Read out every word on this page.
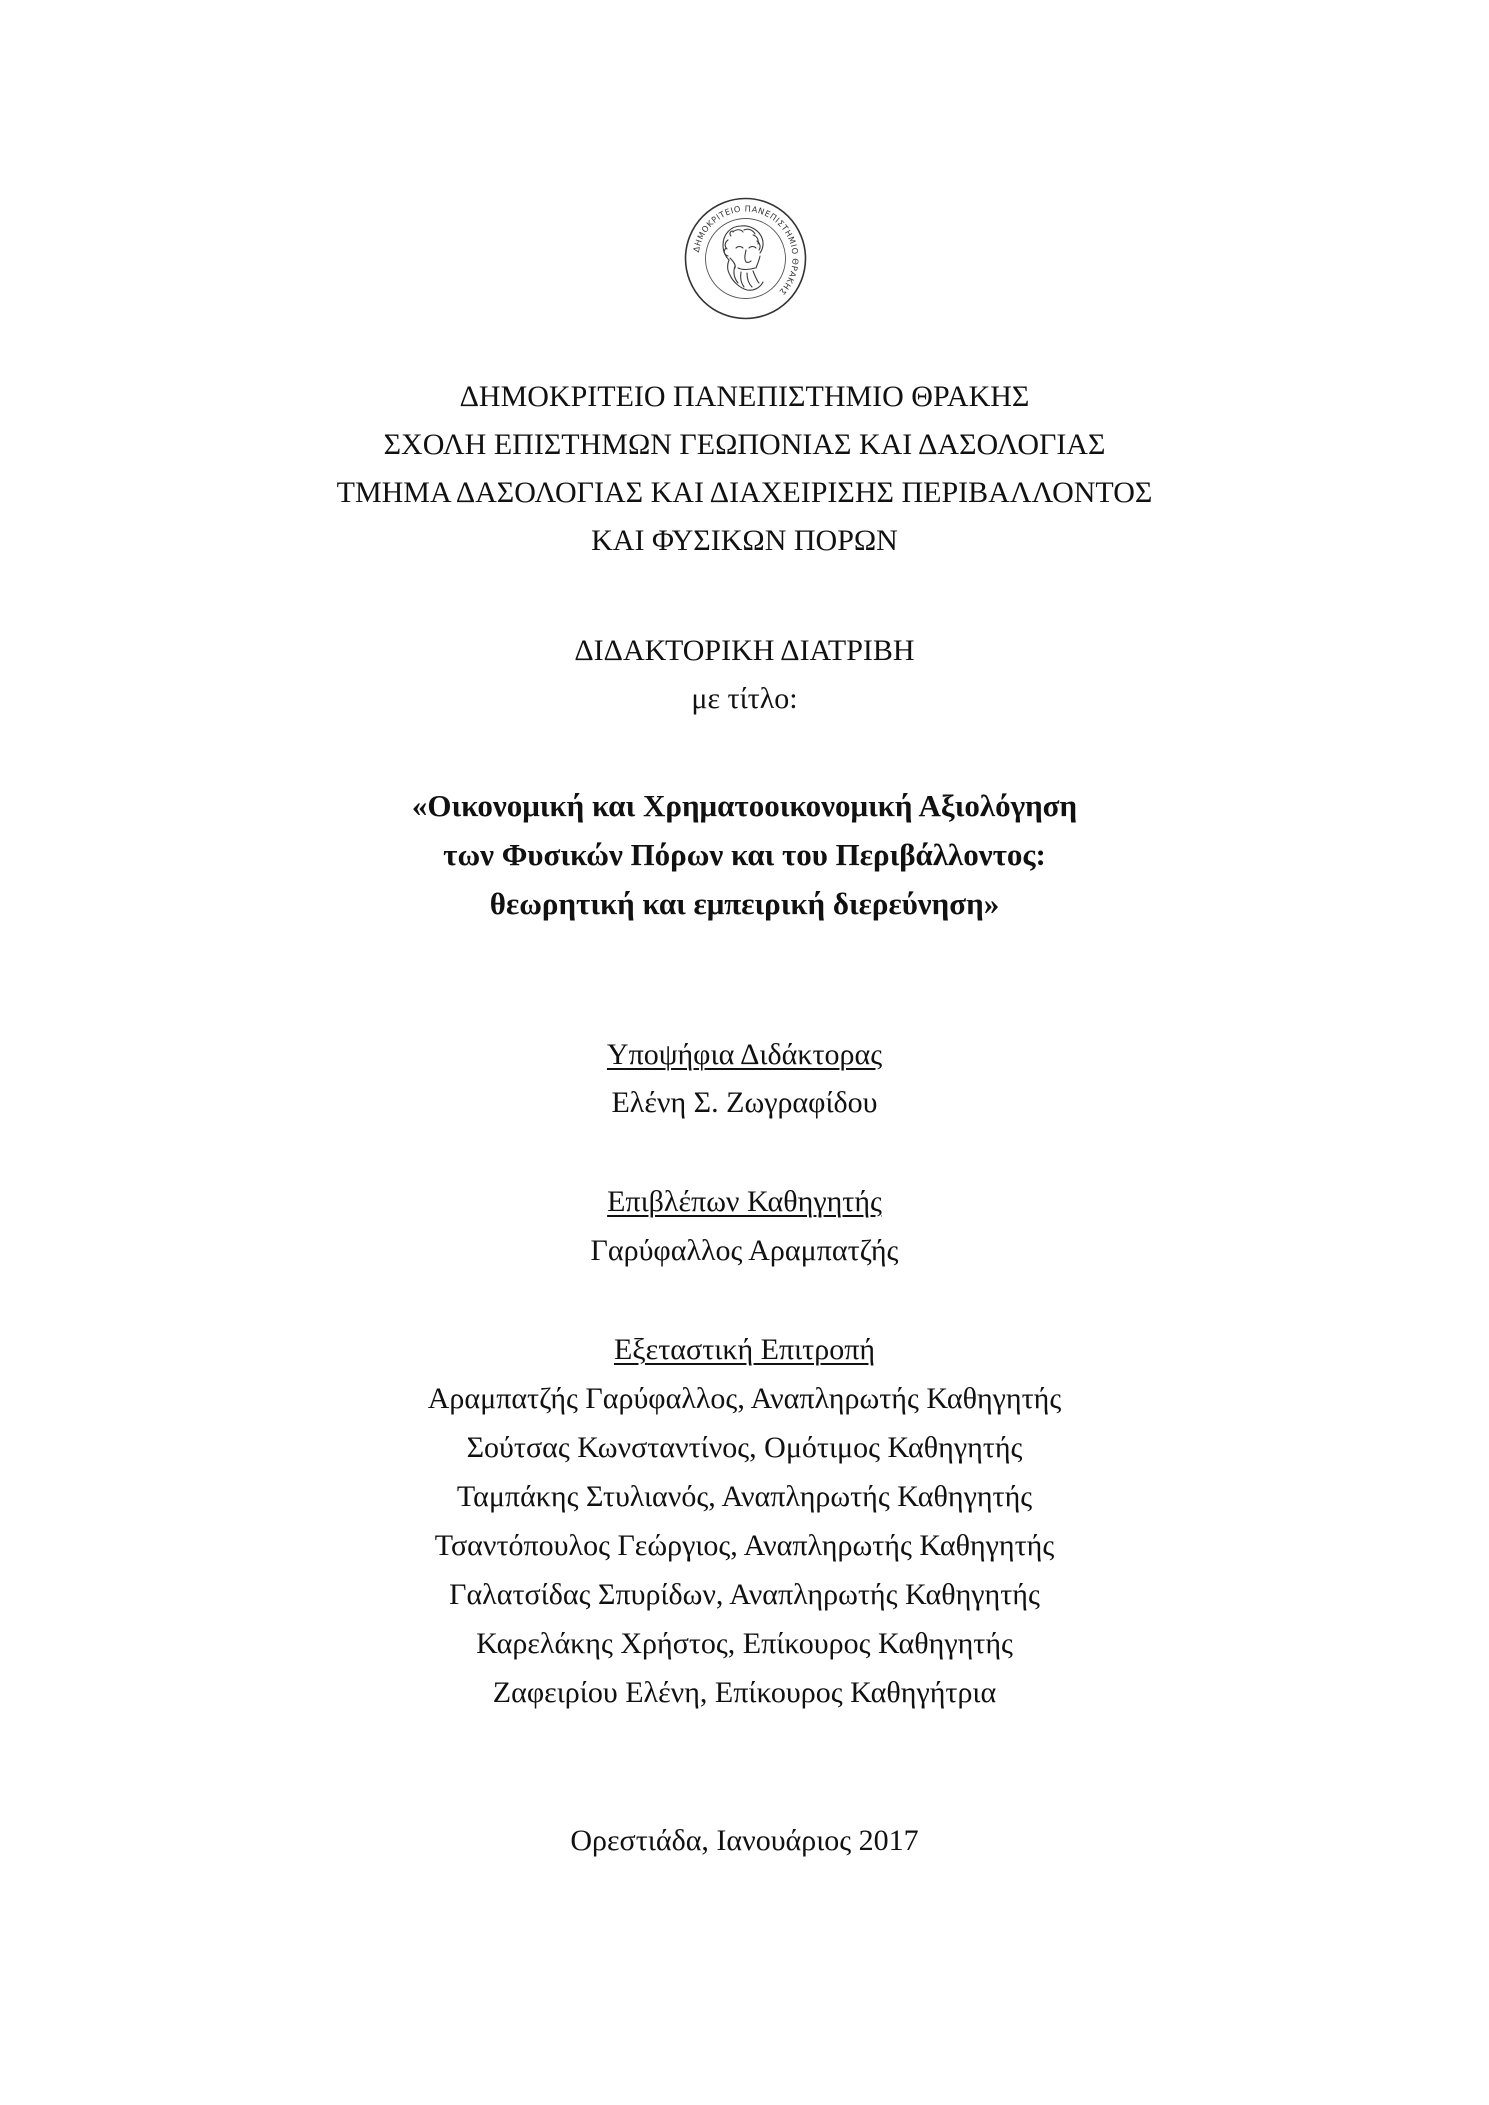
ΔΗΜΟΚΡΙΤΕΙΟ ΠΑΝΕΠΙΣΤΗΜΙΟ ΘΡΑΚΗΣ
ΔΗΜΟΚΡΙΤΕΙΟ ΠΑΝΕΠΙΣΤΗΜΙΟ ΘΡΑΚΗΣ
ΣΧΟΛΗ ΕΠΙΣΤΗΜΩΝ ΓΕΩΠΟΝΙΑΣ ΚΑΙ ΔΑΣΟΛΟΓΙΑΣ
ΤΜΗΜΑ ΔΑΣΟΛΟΓΙΑΣ ΚΑΙ ΔΙΑΧΕΙΡΙΣΗΣ ΠΕΡΙΒΑΛΛΟΝΤΟΣ
ΚΑΙ ΦΥΣΙΚΩΝ ΠΟΡΩΝ
ΔΙΔΑΚΤΟΡΙΚΗ ΔΙΑΤΡΙΒΗ
με τίτλο:
«Οικονομική και Χρηματοοικονομική Αξιολόγηση
των Φυσικών Πόρων και του Περιβάλλοντος:
θεωρητική και εμπειρική διερεύνηση»
Υποψήφια Διδάκτορας
Ελένη Σ. Ζωγραφίδου
Επιβλέπων Καθηγητής
Γαρύφαλλος Αραμπατζής
Εξεταστική Επιτροπή
Αραμπατζής Γαρύφαλλος, Αναπληρωτής Καθηγητής
Σούτσας Κωνσταντίνος, Ομότιμος Καθηγητής
Ταμπάκης Στυλιανός, Αναπληρωτής Καθηγητής
Τσαντόπουλος Γεώργιος, Αναπληρωτής Καθηγητής
Γαλατσίδας Σπυρίδων, Αναπληρωτής Καθηγητής
Καρελάκης Χρήστος, Επίκουρος Καθηγητής
Ζαφειρίου Ελένη, Επίκουρος Καθηγήτρια
Ορεστιάδα, Ιανουάριος 2017
